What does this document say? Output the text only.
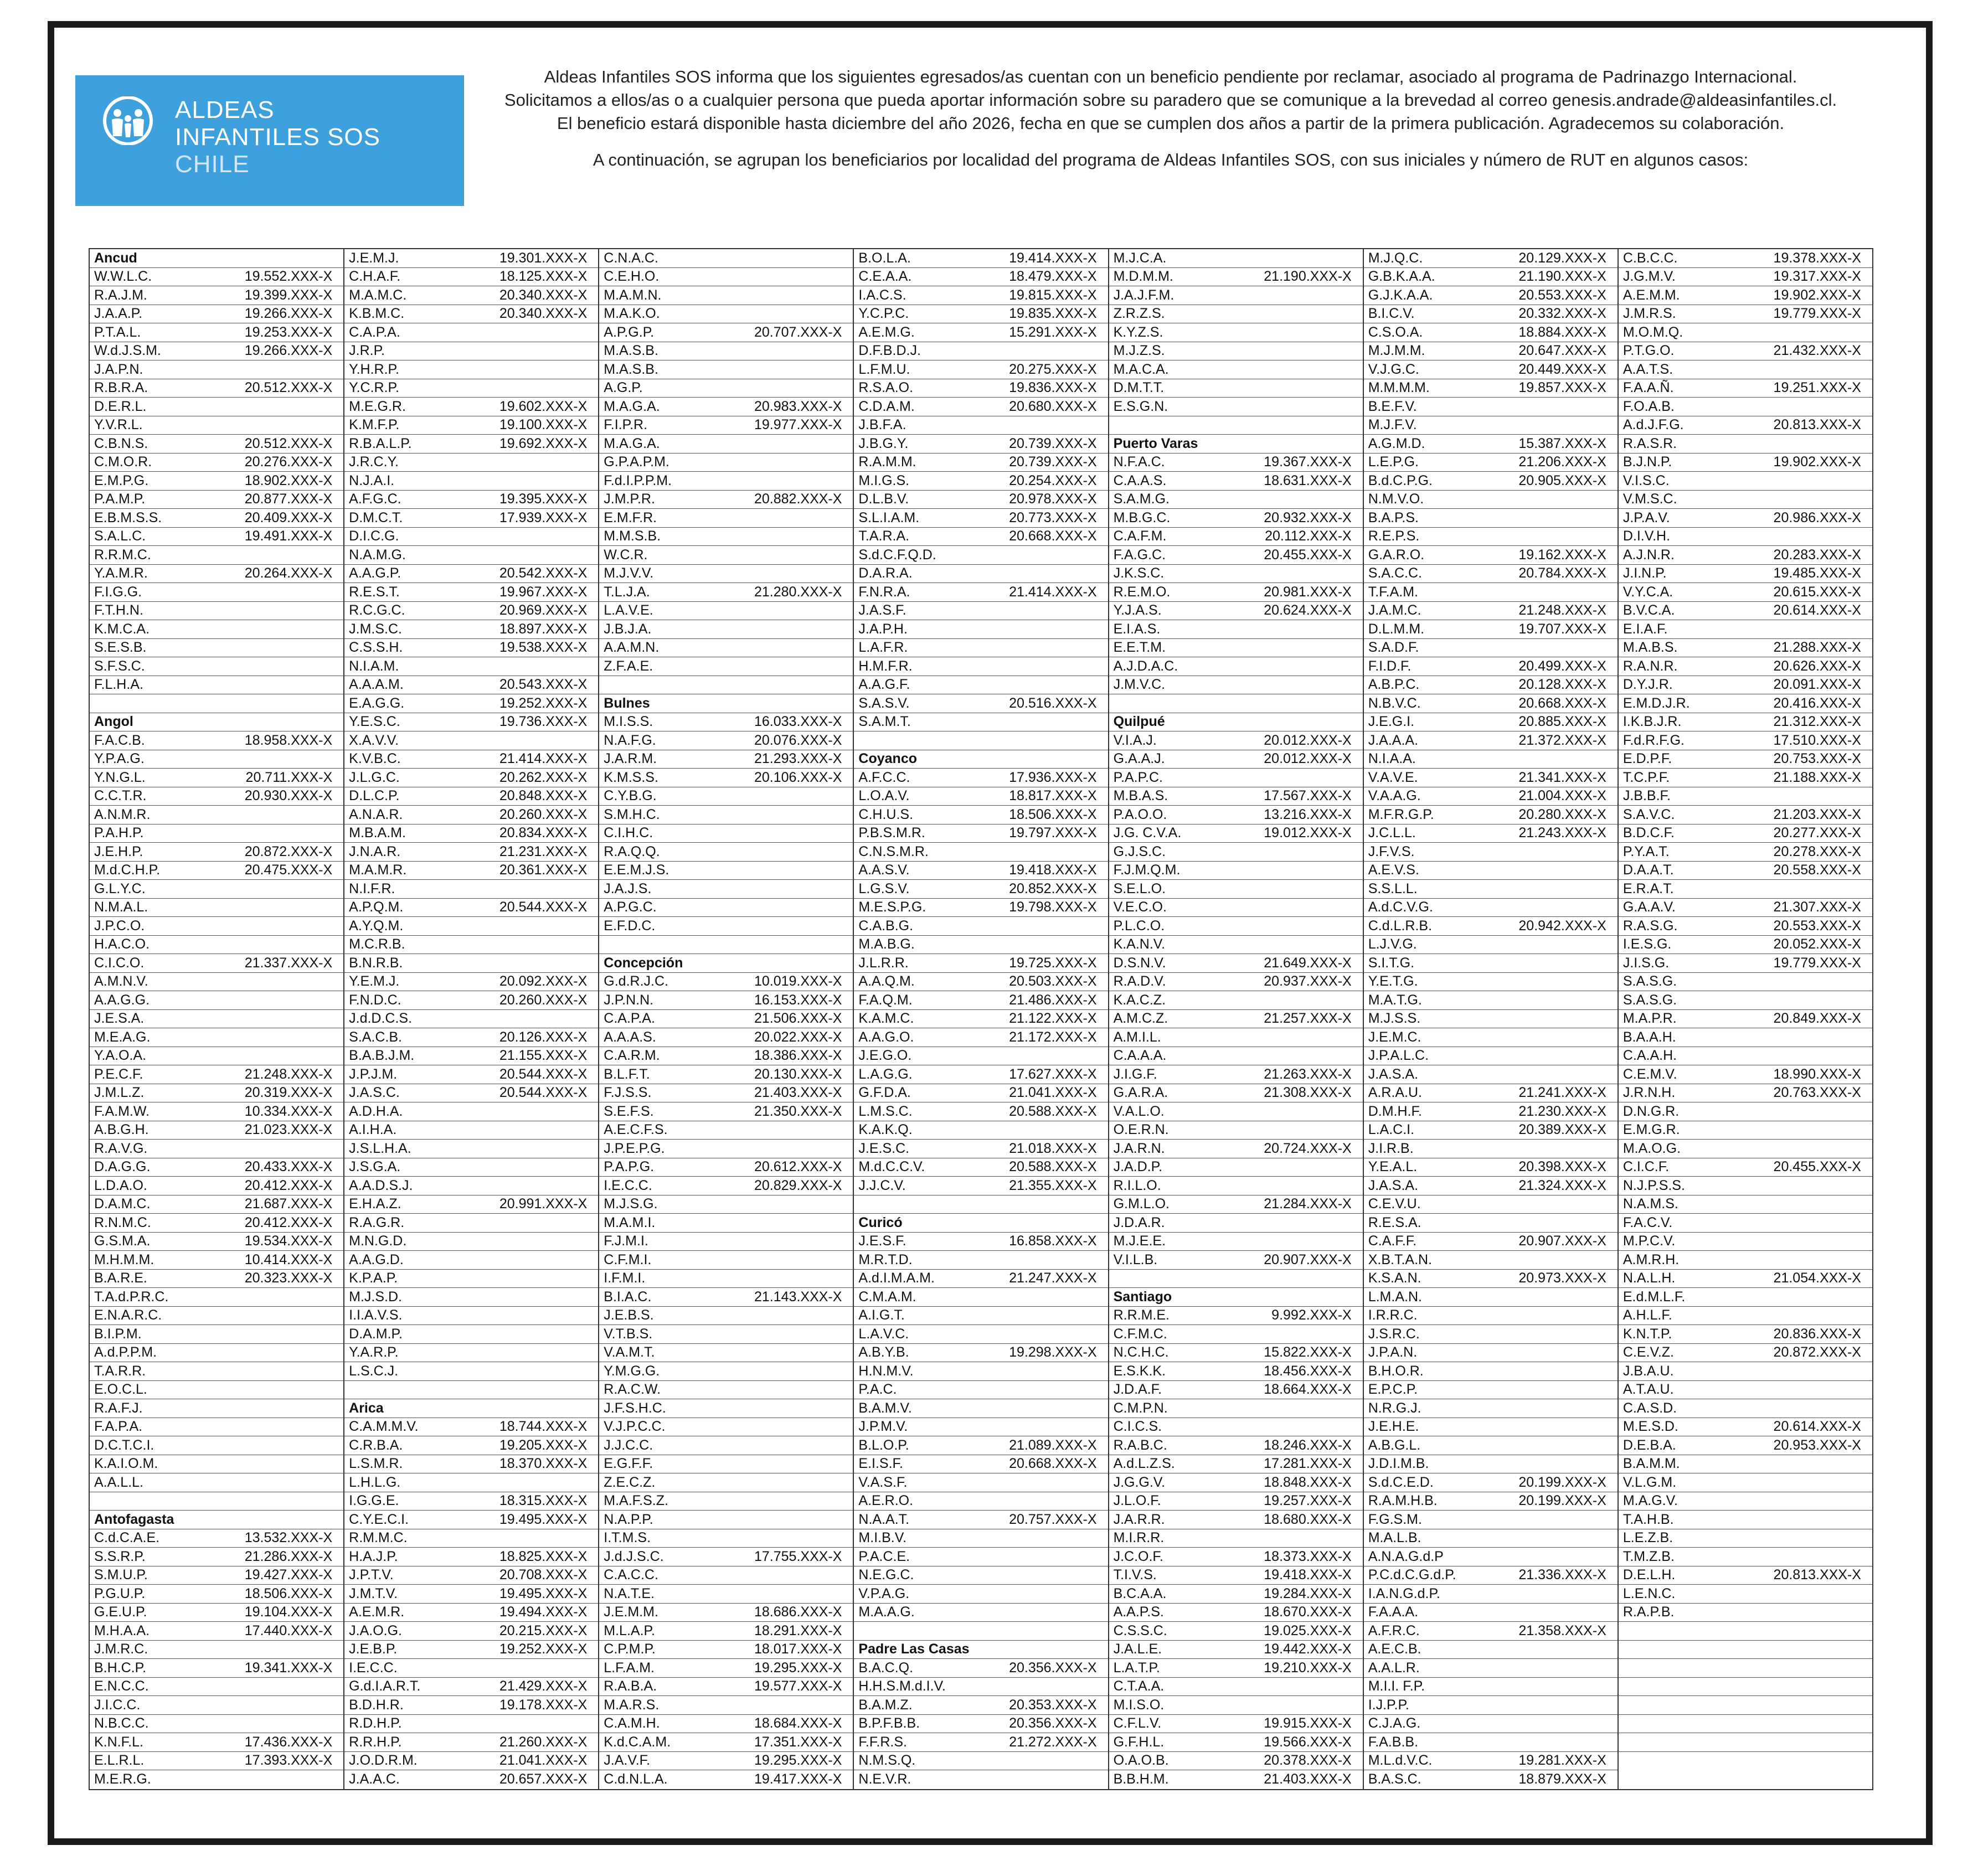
ALDEAS
INFANTILES SOS
CHILE
Aldeas Infantiles SOS informa que los siguientes egresados/as cuentan con un beneficio pendiente por reclamar, asociado al programa de Padrinazgo Internacional. Solicitamos a ellos/as o a cualquier persona que pueda aportar información sobre su paradero que se comunique a la brevedad al correo genesis.andrade@aldeasinfantiles.cl. El beneficio estará disponible hasta diciembre del año 2026, fecha en que se cumplen dos años a partir de la primera publicación. Agradecemos su colaboración.
A continuación, se agrupan los beneficiarios por localidad del programa de Aldeas Infantiles SOS, con sus iniciales y número de RUT en algunos casos:
Ancud
W.W.L.C.	19.552.XXX-X
R.A.J.M.	19.399.XXX-X
J.A.A.P.	19.266.XXX-X
P.T.A.L.	19.253.XXX-X
W.d.J.S.M.	19.266.XXX-X
J.A.P.N.
R.B.R.A.	20.512.XXX-X
D.E.R.L.
Y.V.R.L.
C.B.N.S.	20.512.XXX-X
C.M.O.R.	20.276.XXX-X
E.M.P.G.	18.902.XXX-X
P.A.M.P.	20.877.XXX-X
E.B.M.S.S.	20.409.XXX-X
S.A.L.C.	19.491.XXX-X
R.R.M.C.
Y.A.M.R.	20.264.XXX-X
F.I.G.G.
F.T.H.N.
K.M.C.A.
S.E.S.B.
S.F.S.C.
F.L.H.A.
Angol
F.A.C.B.	18.958.XXX-X
Y.P.A.G.
Y.N.G.L.	20.711.XXX-X
C.C.T.R.	20.930.XXX-X
A.N.M.R.
P.A.H.P.
J.E.H.P.	20.872.XXX-X
M.d.C.H.P.	20.475.XXX-X
G.L.Y.C.
N.M.A.L.
J.P.C.O.
H.A.C.O.
C.I.C.O.	21.337.XXX-X
A.M.N.V.
A.A.G.G.
J.E.S.A.
M.E.A.G.
Y.A.O.A.
P.E.C.F.	21.248.XXX-X
J.M.L.Z.	20.319.XXX-X
F.A.M.W.	10.334.XXX-X
A.B.G.H.	21.023.XXX-X
R.A.V.G.
D.A.G.G.	20.433.XXX-X
L.D.A.O.	20.412.XXX-X
D.A.M.C.	21.687.XXX-X
R.N.M.C.	20.412.XXX-X
G.S.M.A.	19.534.XXX-X
M.H.M.M.	10.414.XXX-X
B.A.R.E.	20.323.XXX-X
T.A.d.P.R.C.
E.N.A.R.C.
B.I.P.M.
A.d.P.P.M.
T.A.R.R.
E.O.C.L.
R.A.F.J.
F.A.P.A.
D.C.T.C.I.
K.A.I.O.M.
A.A.L.L.
Antofagasta
C.d.C.A.E.	13.532.XXX-X
S.S.R.P.	21.286.XXX-X
S.M.U.P.	19.427.XXX-X
P.G.U.P.	18.506.XXX-X
G.E.U.P.	19.104.XXX-X
M.H.A.A.	17.440.XXX-X
J.M.R.C.
B.H.C.P.	19.341.XXX-X
E.N.C.C.
J.I.C.C.
N.B.C.C.
K.N.F.L.	17.436.XXX-X
E.L.R.L.	17.393.XXX-X
M.E.R.G.
J.E.M.J.	19.301.XXX-X
C.H.A.F.	18.125.XXX-X
M.A.M.C.	20.340.XXX-X
K.B.M.C.	20.340.XXX-X
C.A.P.A.
J.R.P.
Y.H.R.P.
Y.C.R.P.
M.E.G.R.	19.602.XXX-X
K.M.F.P.	19.100.XXX-X
R.B.A.L.P.	19.692.XXX-X
J.R.C.Y.
N.J.A.I.
A.F.G.C.	19.395.XXX-X
D.M.C.T.	17.939.XXX-X
D.I.C.G.
N.A.M.G.
A.A.G.P.	20.542.XXX-X
R.E.S.T.	19.967.XXX-X
R.C.G.C.	20.969.XXX-X
J.M.S.C.	18.897.XXX-X
C.S.S.H.	19.538.XXX-X
N.I.A.M.
A.A.A.M.	20.543.XXX-X
E.A.G.G.	19.252.XXX-X
Y.E.S.C.	19.736.XXX-X
X.A.V.V.
K.V.B.C.	21.414.XXX-X
J.L.G.C.	20.262.XXX-X
D.L.C.P.	20.848.XXX-X
A.N.A.R.	20.260.XXX-X
M.B.A.M.	20.834.XXX-X
J.N.A.R.	21.231.XXX-X
M.A.M.R.	20.361.XXX-X
N.I.F.R.
A.P.Q.M.	20.544.XXX-X
A.Y.Q.M.
M.C.R.B.
B.N.R.B.
Y.E.M.J.	20.092.XXX-X
F.N.D.C.	20.260.XXX-X
J.d.D.C.S.
S.A.C.B.	20.126.XXX-X
B.A.B.J.M.	21.155.XXX-X
J.P.J.M.	20.544.XXX-X
J.A.S.C.	20.544.XXX-X
A.D.H.A.
A.I.H.A.
J.S.L.H.A.
J.S.G.A.
A.A.D.S.J.
E.H.A.Z.	20.991.XXX-X
R.A.G.R.
M.N.G.D.
A.A.G.D.
K.P.A.P.
M.J.S.D.
I.I.A.V.S.
D.A.M.P.
Y.A.R.P.
L.S.C.J.
Arica
C.A.M.M.V.	18.744.XXX-X
C.R.B.A.	19.205.XXX-X
L.S.M.R.	18.370.XXX-X
L.H.L.G.
I.G.G.E.	18.315.XXX-X
C.Y.E.C.I.	19.495.XXX-X
R.M.M.C.
H.A.J.P.	18.825.XXX-X
J.P.T.V.	20.708.XXX-X
J.M.T.V.	19.495.XXX-X
A.E.M.R.	19.494.XXX-X
J.A.O.G.	20.215.XXX-X
J.E.B.P.	19.252.XXX-X
I.E.C.C.
G.d.I.A.R.T.	21.429.XXX-X
B.D.H.R.	19.178.XXX-X
R.D.H.P.
R.R.H.P.	21.260.XXX-X
J.O.D.R.M.	21.041.XXX-X
J.A.A.C.	20.657.XXX-X
C.N.A.C.
C.E.H.O.
M.A.M.N.
M.A.K.O.
A.P.G.P.	20.707.XXX-X
M.A.S.B.
M.A.S.B.
A.G.P.
M.A.G.A.	20.983.XXX-X
F.I.P.R.	19.977.XXX-X
M.A.G.A.
G.P.A.P.M.
F.d.I.P.P.M.
J.M.P.R.	20.882.XXX-X
E.M.F.R.
M.M.S.B.
W.C.R.
M.J.V.V.
T.L.J.A.	21.280.XXX-X
L.A.V.E.
J.B.J.A.
A.A.M.N.
Z.F.A.E.
Bulnes
M.I.S.S.	16.033.XXX-X
N.A.F.G.	20.076.XXX-X
J.A.R.M.	21.293.XXX-X
K.M.S.S.	20.106.XXX-X
C.Y.B.G.
S.M.H.C.
C.I.H.C.
R.A.Q.Q.
E.E.M.J.S.
J.A.J.S.
A.P.G.C.
E.F.D.C.
Concepción
G.d.R.J.C.	10.019.XXX-X
J.P.N.N.	16.153.XXX-X
C.A.P.A.	21.506.XXX-X
A.A.A.S.	20.022.XXX-X
C.A.R.M.	18.386.XXX-X
B.L.F.T.	20.130.XXX-X
F.J.S.S.	21.403.XXX-X
S.E.F.S.	21.350.XXX-X
A.E.C.F.S.
J.P.E.P.G.
P.A.P.G.	20.612.XXX-X
I.E.C.C.	20.829.XXX-X
M.J.S.G.
M.A.M.I.
F.J.M.I.
C.F.M.I.
I.F.M.I.
B.I.A.C.	21.143.XXX-X
J.E.B.S.
V.T.B.S.
V.A.M.T.
Y.M.G.G.
R.A.C.W.
J.F.S.H.C.
V.J.P.C.C.
J.J.C.C.
E.G.F.F.
Z.E.C.Z.
M.A.F.S.Z.
N.A.P.P.
I.T.M.S.
J.d.J.S.C.	17.755.XXX-X
C.A.C.C.
N.A.T.E.
J.E.M.M.	18.686.XXX-X
M.L.A.P.	18.291.XXX-X
C.P.M.P.	18.017.XXX-X
L.F.A.M.	19.295.XXX-X
R.A.B.A.	19.577.XXX-X
M.A.R.S.
C.A.M.H.	18.684.XXX-X
K.d.C.A.M.	17.351.XXX-X
J.A.V.F.	19.295.XXX-X
C.d.N.L.A.	19.417.XXX-X
B.O.L.A.	19.414.XXX-X
C.E.A.A.	18.479.XXX-X
I.A.C.S.	19.815.XXX-X
Y.C.P.C.	19.835.XXX-X
A.E.M.G.	15.291.XXX-X
D.F.B.D.J.
L.F.M.U.	20.275.XXX-X
R.S.A.O.	19.836.XXX-X
C.D.A.M.	20.680.XXX-X
J.B.F.A.
J.B.G.Y.	20.739.XXX-X
R.A.M.M.	20.739.XXX-X
M.I.G.S.	20.254.XXX-X
D.L.B.V.	20.978.XXX-X
S.L.I.A.M.	20.773.XXX-X
T.A.R.A.	20.668.XXX-X
S.d.C.F.Q.D.
D.A.R.A.
F.N.R.A.	21.414.XXX-X
J.A.S.F.
J.A.P.H.
L.A.F.R.
H.M.F.R.
A.A.G.F.
S.A.S.V.	20.516.XXX-X
S.A.M.T.
Coyanco
A.F.C.C.	17.936.XXX-X
L.O.A.V.	18.817.XXX-X
C.H.U.S.	18.506.XXX-X
P.B.S.M.R.	19.797.XXX-X
C.N.S.M.R.
A.A.S.V.	19.418.XXX-X
L.G.S.V.	20.852.XXX-X
M.E.S.P.G.	19.798.XXX-X
C.A.B.G.
M.A.B.G.
J.L.R.R.	19.725.XXX-X
A.A.Q.M.	20.503.XXX-X
F.A.Q.M.	21.486.XXX-X
K.A.M.C.	21.122.XXX-X
A.A.G.O.	21.172.XXX-X
J.E.G.O.
L.A.G.G.	17.627.XXX-X
G.F.D.A.	21.041.XXX-X
L.M.S.C.	20.588.XXX-X
K.A.K.Q.
J.E.S.C.	21.018.XXX-X
M.d.C.C.V.	20.588.XXX-X
J.J.C.V.	21.355.XXX-X
Curicó
J.E.S.F.	16.858.XXX-X
M.R.T.D.
A.d.I.M.A.M.	21.247.XXX-X
C.M.A.M.
A.I.G.T.
L.A.V.C.
A.B.Y.B.	19.298.XXX-X
H.N.M.V.
P.A.C.
B.A.M.V.
J.P.M.V.
B.L.O.P.	21.089.XXX-X
E.I.S.F.	20.668.XXX-X
V.A.S.F.
A.E.R.O.
N.A.A.T.	20.757.XXX-X
M.I.B.V.
P.A.C.E.
N.E.G.C.
V.P.A.G.
M.A.A.G.
Padre Las Casas
B.A.C.Q.	20.356.XXX-X
H.H.S.M.d.I.V.
B.A.M.Z.	20.353.XXX-X
B.P.F.B.B.	20.356.XXX-X
F.F.R.S.	21.272.XXX-X
N.M.S.Q.
N.E.V.R.
M.J.C.A.
M.D.M.M.	21.190.XXX-X
J.A.J.F.M.
Z.R.Z.S.
K.Y.Z.S.
M.J.Z.S.
M.A.C.A.
D.M.T.T.
E.S.G.N.
Puerto Varas
N.F.A.C.	19.367.XXX-X
C.A.A.S.	18.631.XXX-X
S.A.M.G.
M.B.G.C.	20.932.XXX-X
C.A.F.M.	20.112.XXX-X
F.A.G.C.	20.455.XXX-X
J.K.S.C.
R.E.M.O.	20.981.XXX-X
Y.J.A.S.	20.624.XXX-X
E.I.A.S.
E.E.T.M.
A.J.D.A.C.
J.M.V.C.
Quilpué
V.I.A.J.	20.012.XXX-X
G.A.A.J.	20.012.XXX-X
P.A.P.C.
M.B.A.S.	17.567.XXX-X
P.A.O.O.	13.216.XXX-X
J.G. C.V.A.	19.012.XXX-X
G.J.S.C.
F.J.M.Q.M.
S.E.L.O.
V.E.C.O.
P.L.C.O.
K.A.N.V.
D.S.N.V.	21.649.XXX-X
R.A.D.V.	20.937.XXX-X
K.A.C.Z.
A.M.C.Z.	21.257.XXX-X
A.M.I.L.
C.A.A.A.
J.I.G.F.	21.263.XXX-X
G.A.R.A.	21.308.XXX-X
V.A.L.O.
O.E.R.N.
J.A.R.N.	20.724.XXX-X
J.A.D.P.
R.I.L.O.
G.M.L.O.	21.284.XXX-X
J.D.A.R.
M.J.E.E.
V.I.L.B.	20.907.XXX-X
Santiago
R.R.M.E.	9.992.XXX-X
C.F.M.C.
N.C.H.C.	15.822.XXX-X
E.S.K.K.	18.456.XXX-X
J.D.A.F.	18.664.XXX-X
C.M.P.N.
C.I.C.S.
R.A.B.C.	18.246.XXX-X
A.d.L.Z.S.	17.281.XXX-X
J.G.G.V.	18.848.XXX-X
J.L.O.F.	19.257.XXX-X
J.A.R.R.	18.680.XXX-X
M.I.R.R.
J.C.O.F.	18.373.XXX-X
T.I.V.S.	19.418.XXX-X
B.C.A.A.	19.284.XXX-X
A.A.P.S.	18.670.XXX-X
C.S.S.C.	19.025.XXX-X
J.A.L.E.	19.442.XXX-X
L.A.T.P.	19.210.XXX-X
C.T.A.A.
M.I.S.O.
C.F.L.V.	19.915.XXX-X
G.F.H.L.	19.566.XXX-X
O.A.O.B.	20.378.XXX-X
B.B.H.M.	21.403.XXX-X
M.J.Q.C.	20.129.XXX-X
G.B.K.A.A.	21.190.XXX-X
G.J.K.A.A.	20.553.XXX-X
B.I.C.V.	20.332.XXX-X
C.S.O.A.	18.884.XXX-X
M.J.M.M.	20.647.XXX-X
V.J.G.C.	20.449.XXX-X
M.M.M.M.	19.857.XXX-X
B.E.F.V.
M.J.F.V.
A.G.M.D.	15.387.XXX-X
L.E.P.G.	21.206.XXX-X
B.d.C.P.G.	20.905.XXX-X
N.M.V.O.
B.A.P.S.
R.E.P.S.
G.A.R.O.	19.162.XXX-X
S.A.C.C.	20.784.XXX-X
T.F.A.M.
J.A.M.C.	21.248.XXX-X
D.L.M.M.	19.707.XXX-X
S.A.D.F.
F.I.D.F.	20.499.XXX-X
A.B.P.C.	20.128.XXX-X
N.B.V.C.	20.668.XXX-X
J.E.G.I.	20.885.XXX-X
J.A.A.A.	21.372.XXX-X
N.I.A.A.
V.A.V.E.	21.341.XXX-X
V.A.A.G.	21.004.XXX-X
M.F.R.G.P.	20.280.XXX-X
J.C.L.L.	21.243.XXX-X
J.F.V.S.
A.E.V.S.
S.S.L.L.
A.d.C.V.G.
C.d.L.R.B.	20.942.XXX-X
L.J.V.G.
S.I.T.G.
Y.E.T.G.
M.A.T.G.
M.J.S.S.
J.E.M.C.
J.P.A.L.C.
J.A.S.A.
A.R.A.U.	21.241.XXX-X
D.M.H.F.	21.230.XXX-X
L.A.C.I.	20.389.XXX-X
J.I.R.B.
Y.E.A.L.	20.398.XXX-X
J.A.S.A.	21.324.XXX-X
C.E.V.U.
R.E.S.A.
C.A.F.F.	20.907.XXX-X
X.B.T.A.N.
K.S.A.N.	20.973.XXX-X
L.M.A.N.
I.R.R.C.
J.S.R.C.
J.P.A.N.
B.H.O.R.
E.P.C.P.
N.R.G.J.
J.E.H.E.
A.B.G.L.
J.D.I.M.B.
S.d.C.E.D.	20.199.XXX-X
R.A.M.H.B.	20.199.XXX-X
F.G.S.M.
M.A.L.B.
A.N.A.G.d.P
P.C.d.C.G.d.P.	21.336.XXX-X
I.A.N.G.d.P.
F.A.A.A.
A.F.R.C.	21.358.XXX-X
A.E.C.B.
A.A.L.R.
M.I.I. F.P.
I.J.P.P.
C.J.A.G.
F.A.B.B.
M.L.d.V.C.	19.281.XXX-X
B.A.S.C.	18.879.XXX-X
C.B.C.C.	19.378.XXX-X
J.G.M.V.	19.317.XXX-X
A.E.M.M.	19.902.XXX-X
J.M.R.S.	19.779.XXX-X
M.O.M.Q.
P.T.G.O.	21.432.XXX-X
A.A.T.S.
F.A.A.Ñ.	19.251.XXX-X
F.O.A.B.
A.d.J.F.G.	20.813.XXX-X
R.A.S.R.
B.J.N.P.	19.902.XXX-X
V.I.S.C.
V.M.S.C.
J.P.A.V.	20.986.XXX-X
D.I.V.H.
A.J.N.R.	20.283.XXX-X
J.I.N.P.	19.485.XXX-X
V.Y.C.A.	20.615.XXX-X
B.V.C.A.	20.614.XXX-X
E.I.A.F.
M.A.B.S.	21.288.XXX-X
R.A.N.R.	20.626.XXX-X
D.Y.J.R.	20.091.XXX-X
E.M.D.J.R.	20.416.XXX-X
I.K.B.J.R.	21.312.XXX-X
F.d.R.F.G.	17.510.XXX-X
E.D.P.F.	20.753.XXX-X
T.C.P.F.	21.188.XXX-X
J.B.B.F.
S.A.V.C.	21.203.XXX-X
B.D.C.F.	20.277.XXX-X
P.Y.A.T.	20.278.XXX-X
D.A.A.T.	20.558.XXX-X
E.R.A.T.
G.A.A.V.	21.307.XXX-X
R.A.S.G.	20.553.XXX-X
I.E.S.G.	20.052.XXX-X
J.I.S.G.	19.779.XXX-X
S.A.S.G.
S.A.S.G.
M.A.P.R.	20.849.XXX-X
B.A.A.H.
C.A.A.H.
C.E.M.V.	18.990.XXX-X
J.R.N.H.	20.763.XXX-X
D.N.G.R.
E.M.G.R.
M.A.O.G.
C.I.C.F.	20.455.XXX-X
N.J.P.S.S.
N.A.M.S.
F.A.C.V.
M.P.C.V.
A.M.R.H.
N.A.L.H.	21.054.XXX-X
E.d.M.L.F.
A.H.L.F.
K.N.T.P.	20.836.XXX-X
C.E.V.Z.	20.872.XXX-X
J.B.A.U.
A.T.A.U.
C.A.S.D.
M.E.S.D.	20.614.XXX-X
D.E.B.A.	20.953.XXX-X
B.A.M.M.
V.L.G.M.
M.A.G.V.
T.A.H.B.
L.E.Z.B.
T.M.Z.B.
D.E.L.H.	20.813.XXX-X
L.E.N.C.
R.A.P.B.
